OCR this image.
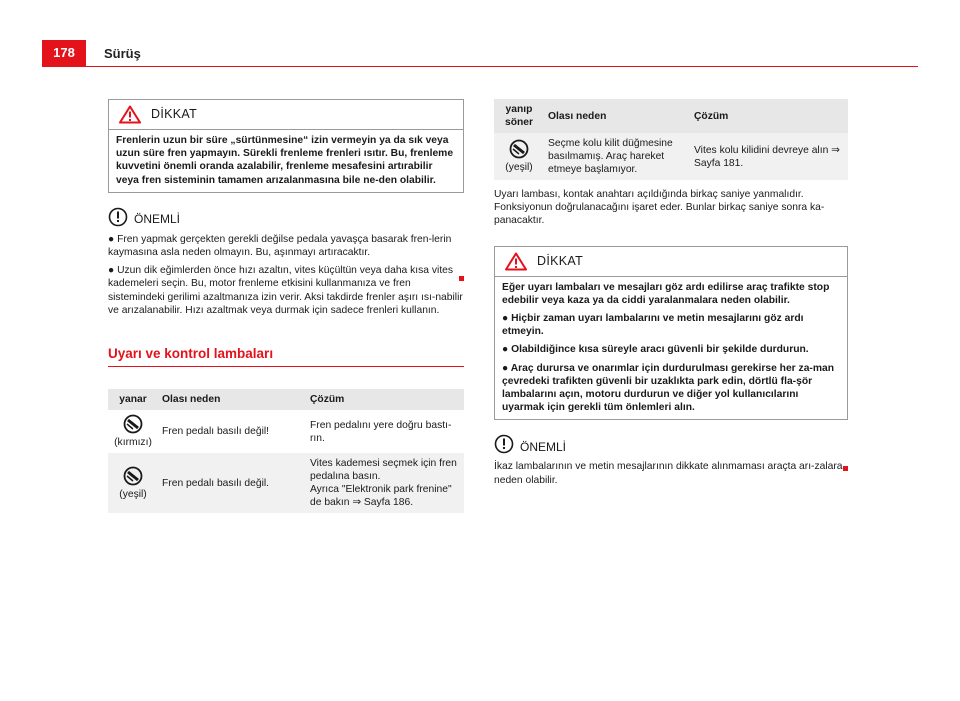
178	Sürüş
DİKKAT

Frenlerin uzun bir süre „sürtünmesine“ izin vermeyin ya da sık veya uzun süre fren yapmayın. Sürekli frenleme frenleri ısıtır. Bu, frenleme kuvvetini önemli oranda azalabilir, frenleme mesafesini artırabilir veya fren sisteminin tamamen arızalanmasına bile ne-den olabilir.

ÖNEMLİ

● Fren yapmak gerçekten gerekli değilse pedala yavaşça basarak fren-lerin kaymasına asla neden olmayın. Bu, aşınmayı artıracaktır.

● Uzun dik eğimlerden önce hızı azaltın, vites küçültün veya daha kısa vites kademeleri seçin. Bu, motor frenleme etkisini kullanmanıza ve fren sistemindeki gerilimi azaltmanıza izin verir. Aksi takdirde frenler aşırı ısı-nabilir ve arızalanabilir. Hızı azaltmak veya durmak için sadece frenleri kullanın.

Uyarı ve kontrol lambaları
yanar	Olası neden	Çözüm

(kırmızı)	Fren pedalı basılı değil!	Fren pedalını yere doğru bastı-rın.

(yeşil)	Fren pedalı basılı değil.	Vites kademesi seçmek için fren pedalına basın.
Ayrıca "Elektronik park frenine" de bakın ⇒ Sayfa 186.
yanıp
söner	Olası neden	Çözüm

(yeşil)	Seçme kolu kilit düğmesine basılmamış. Araç hareket etmeye başlamıyor.	Vites kolu kilidini devreye alın ⇒ Sayfa 181.

Uyarı lambası, kontak anahtarı açıldığında birkaç saniye yanmalıdır. Fonksiyonun doğrulanacağını işaret eder. Bunlar birkaç saniye sonra ka-panacaktır.

DİKKAT

Eğer uyarı lambaları ve mesajları göz ardı edilirse araç trafikte stop edebilir veya kaza ya da ciddi yaralanmalara neden olabilir.

● Hiçbir zaman uyarı lambalarını ve metin mesajlarını göz ardı etmeyin.

● Olabildiğince kısa süreyle aracı güvenli bir şekilde durdurun.

● Araç durursa ve onarımlar için durdurulması gerekirse her za-man çevredeki trafikten güvenli bir uzaklıkta park edin, dörtlü fla-şör lambalarını açın, motoru durdurun ve diğer yol kullanıcılarını uyarmak için gerekli tüm önlemleri alın.

ÖNEMLİ

İkaz lambalarının ve metin mesajlarının dikkate alınmaması araçta arı-zalara neden olabilir.
